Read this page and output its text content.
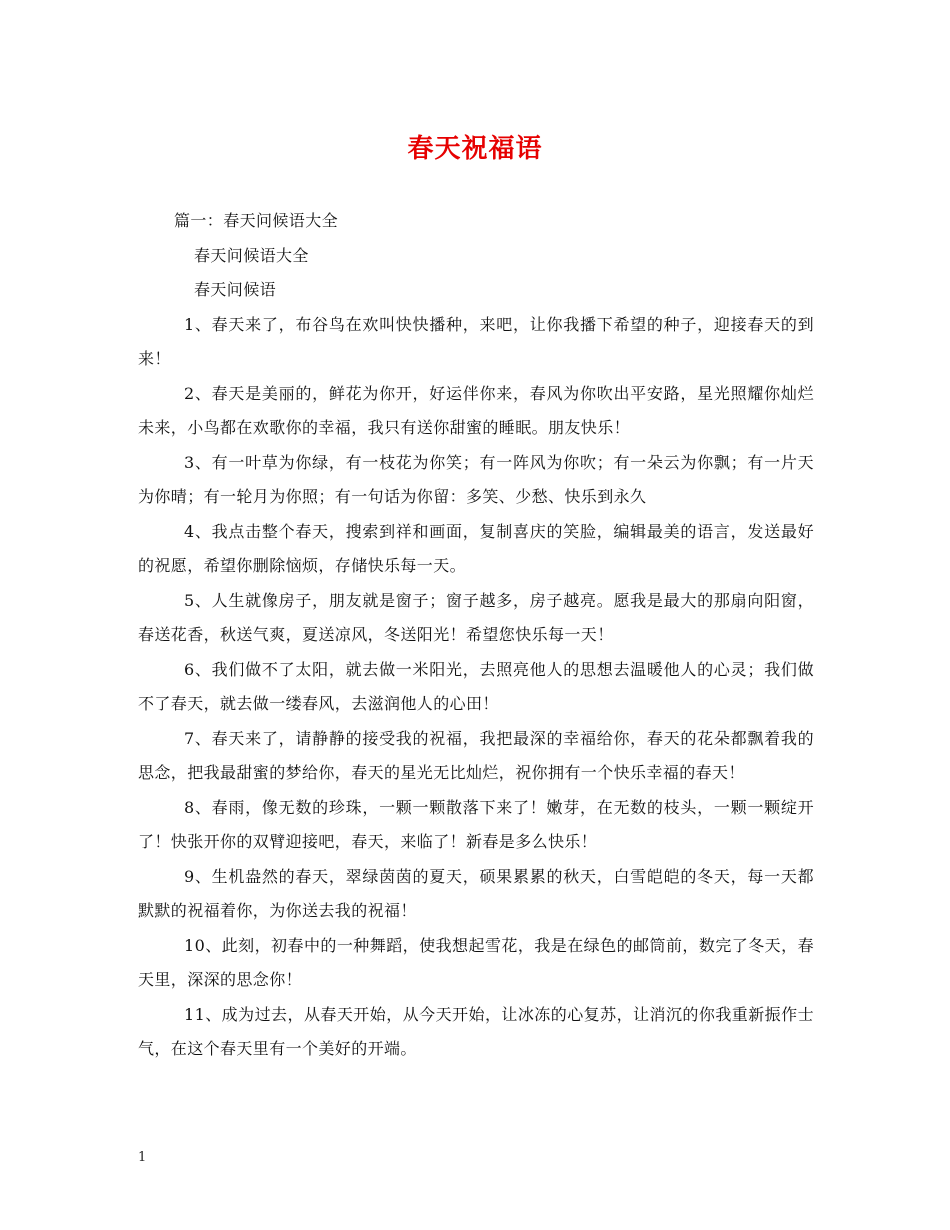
春天祝福语

篇一：春天问候语大全

春天问候语大全

春天问候语

1、春天来了，布谷鸟在欢叫快快播种，来吧，让你我播下希望的种子，迎接春天的到来！

2、春天是美丽的，鲜花为你开，好运伴你来，春风为你吹出平安路，星光照耀你灿烂未来，小鸟都在欢歌你的幸福，我只有送你甜蜜的睡眠。朋友快乐！

3、有一叶草为你绿，有一枝花为你笑；有一阵风为你吹；有一朵云为你飘；有一片天为你晴；有一轮月为你照；有一句话为你留：多笑、少愁、快乐到永久

4、我点击整个春天，搜索到祥和画面，复制喜庆的笑脸，编辑最美的语言，发送最好的祝愿，希望你删除恼烦，存储快乐每一天。

5、人生就像房子，朋友就是窗子；窗子越多，房子越亮。愿我是最大的那扇向阳窗，春送花香，秋送气爽，夏送凉风，冬送阳光！希望您快乐每一天！

6、我们做不了太阳，就去做一米阳光，去照亮他人的思想去温暖他人的心灵；我们做不了春天，就去做一缕春风，去滋润他人的心田！

7、春天来了，请静静的接受我的祝福，我把最深的幸福给你，春天的花朵都飘着我的思念，把我最甜蜜的梦给你，春天的星光无比灿烂，祝你拥有一个快乐幸福的春天！

8、春雨，像无数的珍珠，一颗一颗散落下来了！嫩芽，在无数的枝头，一颗一颗绽开了！快张开你的双臂迎接吧，春天，来临了！新春是多么快乐！

9、生机盎然的春天，翠绿茵茵的夏天，硕果累累的秋天，白雪皑皑的冬天，每一天都默默的祝福着你，为你送去我的祝福！

10、此刻，初春中的一种舞蹈，使我想起雪花，我是在绿色的邮筒前，数完了冬天，春天里，深深的思念你！

11、成为过去，从春天开始，从今天开始，让冰冻的心复苏，让消沉的你我重新振作士气，在这个春天里有一个美好的开端。

1
